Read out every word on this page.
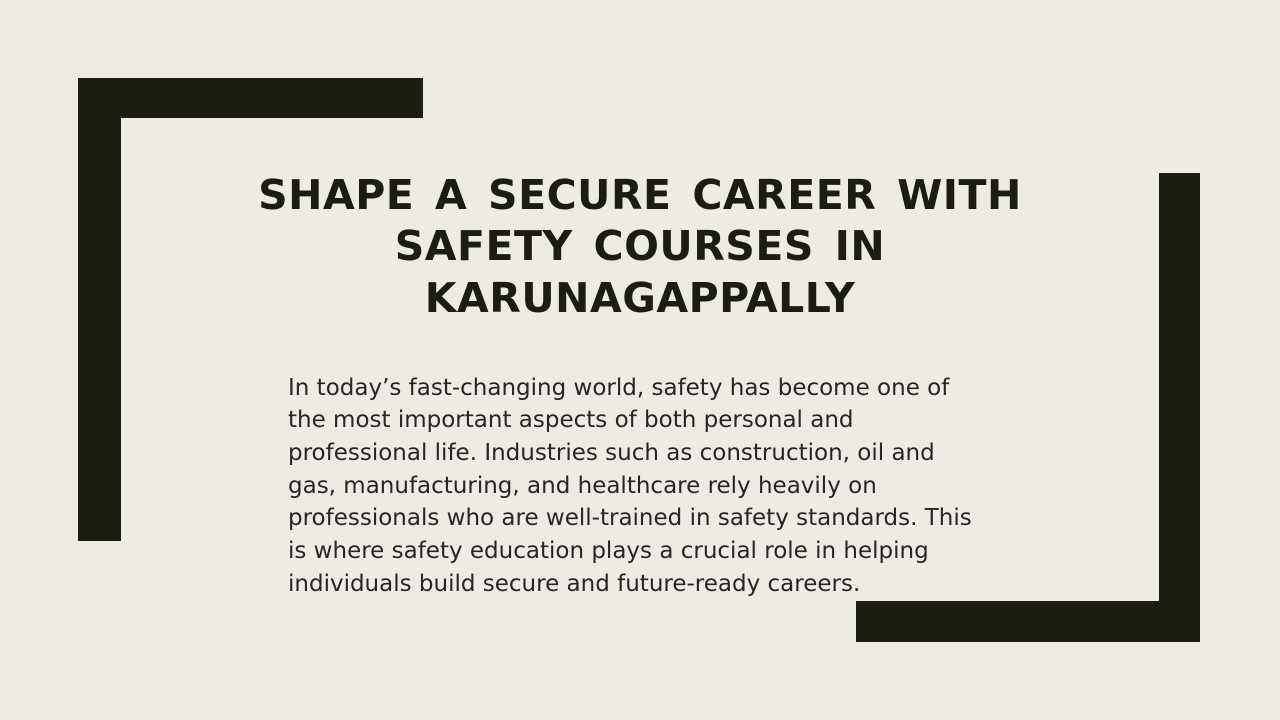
SHAPE A SECURE CAREER WITH SAFETY COURSES IN KARUNAGAPPALLY

In today’s fast-changing world, safety has become one of the most important aspects of both personal and professional life. Industries such as construction, oil and gas, manufacturing, and healthcare rely heavily on professionals who are well-trained in safety standards. This is where safety education plays a crucial role in helping individuals build secure and future-ready careers.
